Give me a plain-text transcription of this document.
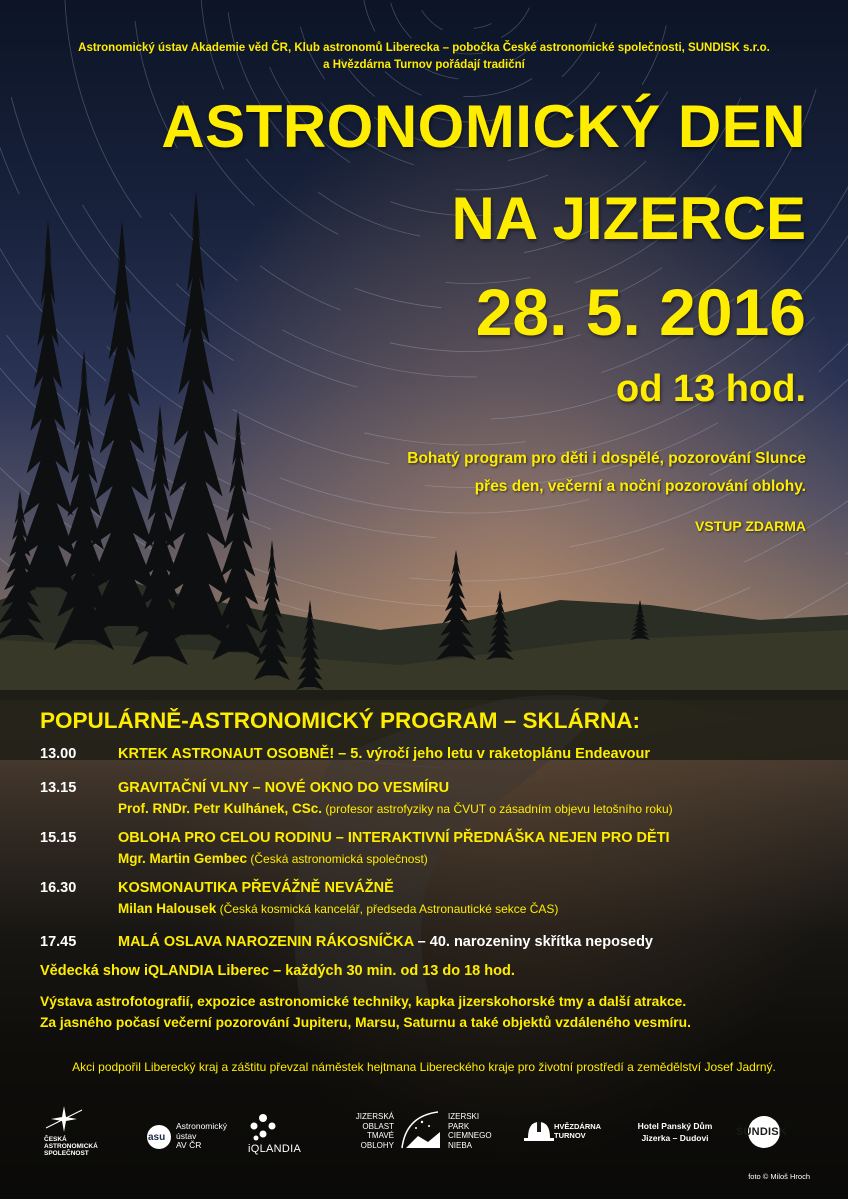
Astronomický ústav Akademie věd ČR, Klub astronomů Liberecka – pobočka České astronomické společnosti, SUNDISK s.r.o.
a Hvězdárna Turnov pořádají tradiční
ASTRONOMICKÝ DEN
NA JIZERCE
28. 5. 2016
od 13 hod.
Bohatý program pro děti i dospělé, pozorování Slunce
přes den, večerní a noční pozorování oblohy.
VSTUP ZDARMA
POPULÁRNĚ-ASTRONOMICKÝ PROGRAM – SKLÁRNA:
13.00	KRTEK ASTRONAUT OSOBNĚ! – 5. výročí jeho letu v raketoplánu Endeavour
13.15	GRAVITAČNÍ VLNY – NOVÉ OKNO DO VESMÍRU
Prof. RNDr. Petr Kulhánek, CSc. (profesor astrofyziky na ČVUT o zásadním objevu letošního roku)
15.15	OBLOHA PRO CELOU RODINU – INTERAKTIVNÍ PŘEDNÁŠKA NEJEN PRO DĚTI
Mgr. Martin Gembec (Česká astronomická společnost)
16.30	KOSMONAUTIKA PŘEVÁŽNĚ NEVÁŽNĚ
Milan Halousek (Česká kosmická kancelář, předseda Astronautické sekce ČAS)
17.45	MALÁ OSLAVA NAROZENIN RÁKOSNÍČKA – 40. narozeniny skřítka neposedy
Vědecká show iQLANDIA Liberec – každých 30 min. od 13 do 18 hod.
Výstava astrofotografií, expozice astronomické techniky, kapka jizerskohorské tmy a další atrakce.
Za jasného počasí večerní pozorování Jupiteru, Marsu, Saturnu a také objektů vzdáleného vesmíru.
Akci podpořil Liberecký kraj a záštitu převzal náměstek hejtmana Libereckého kraje pro životní prostředí a zemědělství Josef Jadrný.
ČESKÁ
ASTRONOMICKÁ
SPOLEČNOST
asu
Astronomický
ústav
AV ČR	iQLANDIA
JIZERSKÁ
OBLAST
TMAVÉ
OBLOHY
IZERSKI
PARK
CIEMNEGO
NIEBA
HVĚZDÁRNA
TURNOV
Hotel Panský Dům
Jizerka – Dudovi	SUNDISK
foto © Miloš Hroch
